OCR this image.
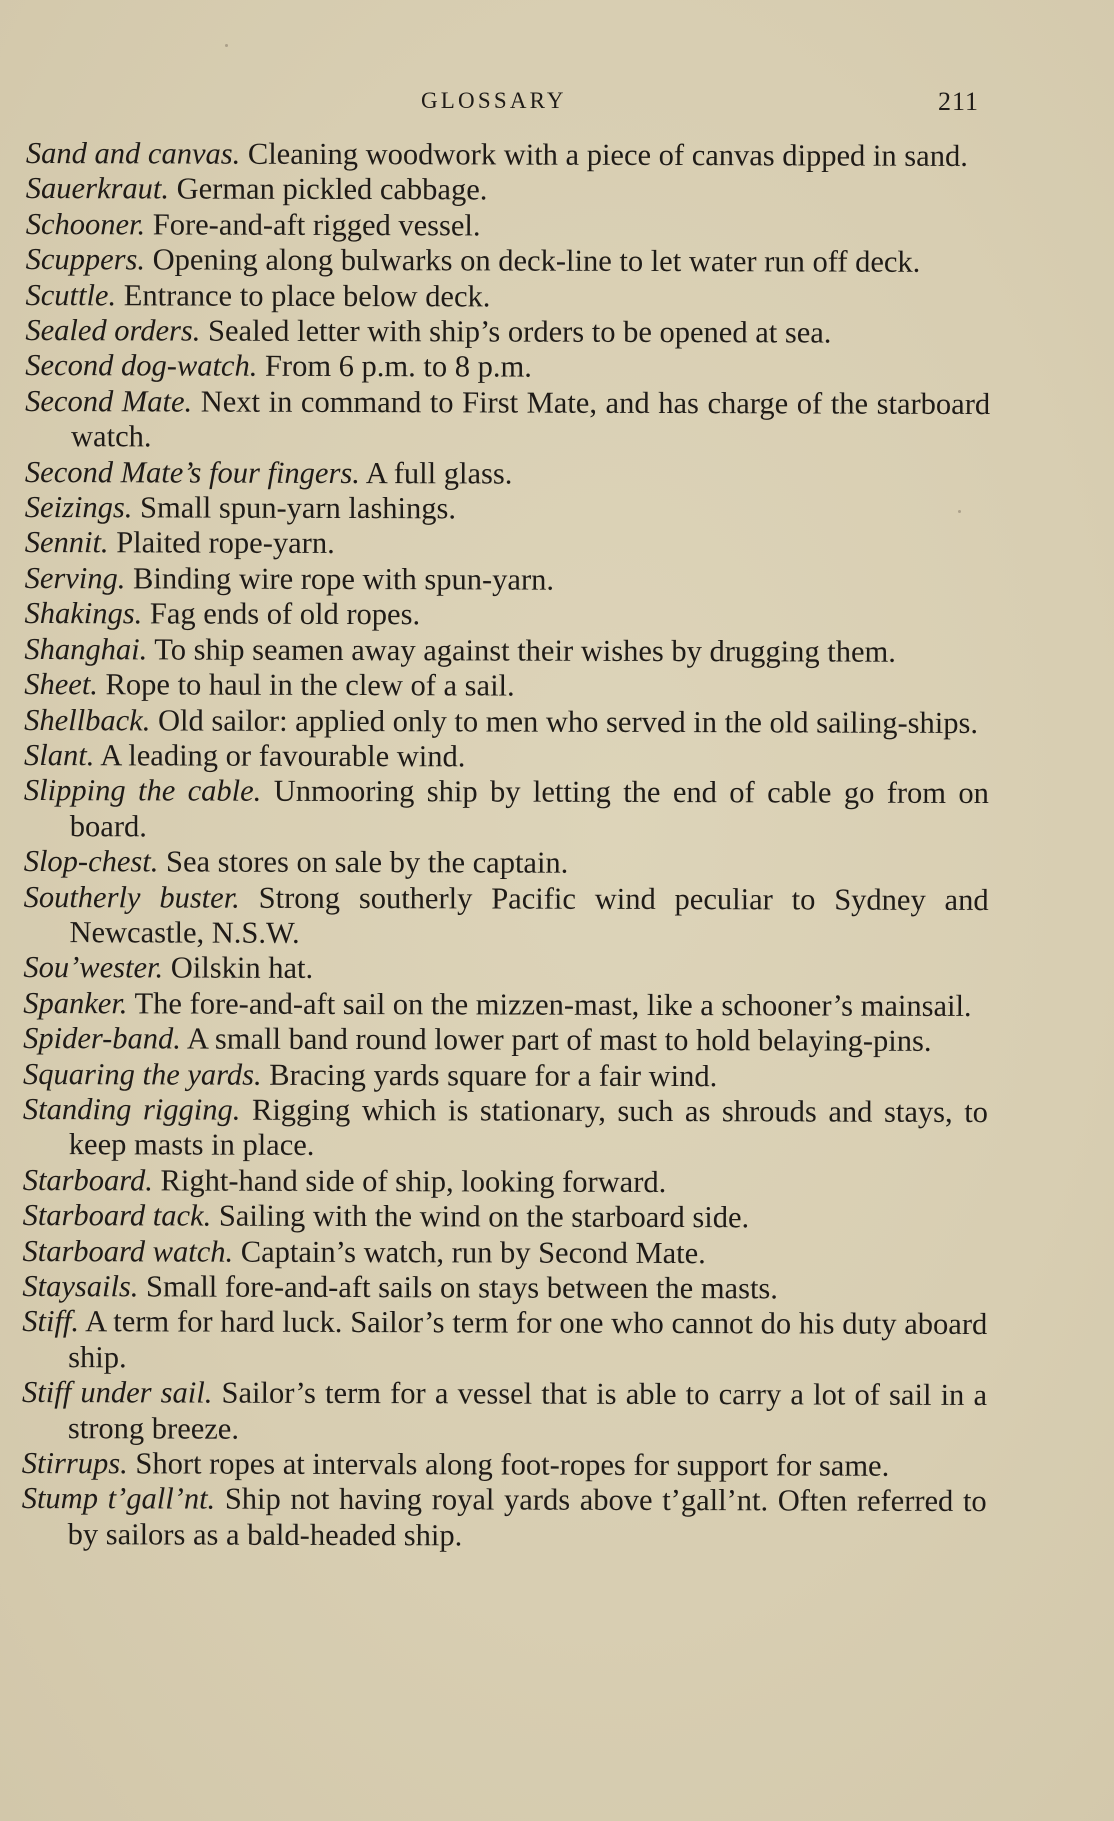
GLOSSARY	211

Sand and canvas. Cleaning woodwork with a piece of canvas dipped in sand.

Sauerkraut. German pickled cabbage.

Schooner. Fore-and-aft rigged vessel.

Scuppers. Opening along bulwarks on deck-line to let water run off deck.

Scuttle. Entrance to place below deck.

Sealed orders. Sealed letter with ship’s orders to be opened at sea.

Second dog-watch. From 6 p.m. to 8 p.m.

Second Mate. Next in command to First Mate, and has charge of the starboard watch.

Second Mate’s four fingers. A full glass.

Seizings. Small spun-yarn lashings.

Sennit. Plaited rope-yarn.

Serving. Binding wire rope with spun-yarn.

Shakings. Fag ends of old ropes.

Shanghai. To ship seamen away against their wishes by drugging them.

Sheet. Rope to haul in the clew of a sail.

Shellback. Old sailor: applied only to men who served in the old sailing-ships.

Slant. A leading or favourable wind.

Slipping the cable. Unmooring ship by letting the end of cable go from on board.

Slop-chest. Sea stores on sale by the captain.

Southerly buster. Strong southerly Pacific wind peculiar to Sydney and Newcastle, N.S.W.

Sou’wester. Oilskin hat.

Spanker. The fore-and-aft sail on the mizzen-mast, like a schooner’s mainsail.

Spider-band. A small band round lower part of mast to hold belaying-pins.

Squaring the yards. Bracing yards square for a fair wind.

Standing rigging. Rigging which is stationary, such as shrouds and stays, to keep masts in place.

Starboard. Right-hand side of ship, looking forward.

Starboard tack. Sailing with the wind on the starboard side.

Starboard watch. Captain’s watch, run by Second Mate.

Staysails. Small fore-and-aft sails on stays between the masts.

Stiff. A term for hard luck. Sailor’s term for one who cannot do his duty aboard ship.

Stiff under sail. Sailor’s term for a vessel that is able to carry a lot of sail in a strong breeze.

Stirrups. Short ropes at intervals along foot-ropes for support for same.

Stump t’gall’nt. Ship not having royal yards above t’gall’nt. Often referred to by sailors as a bald-headed ship.
